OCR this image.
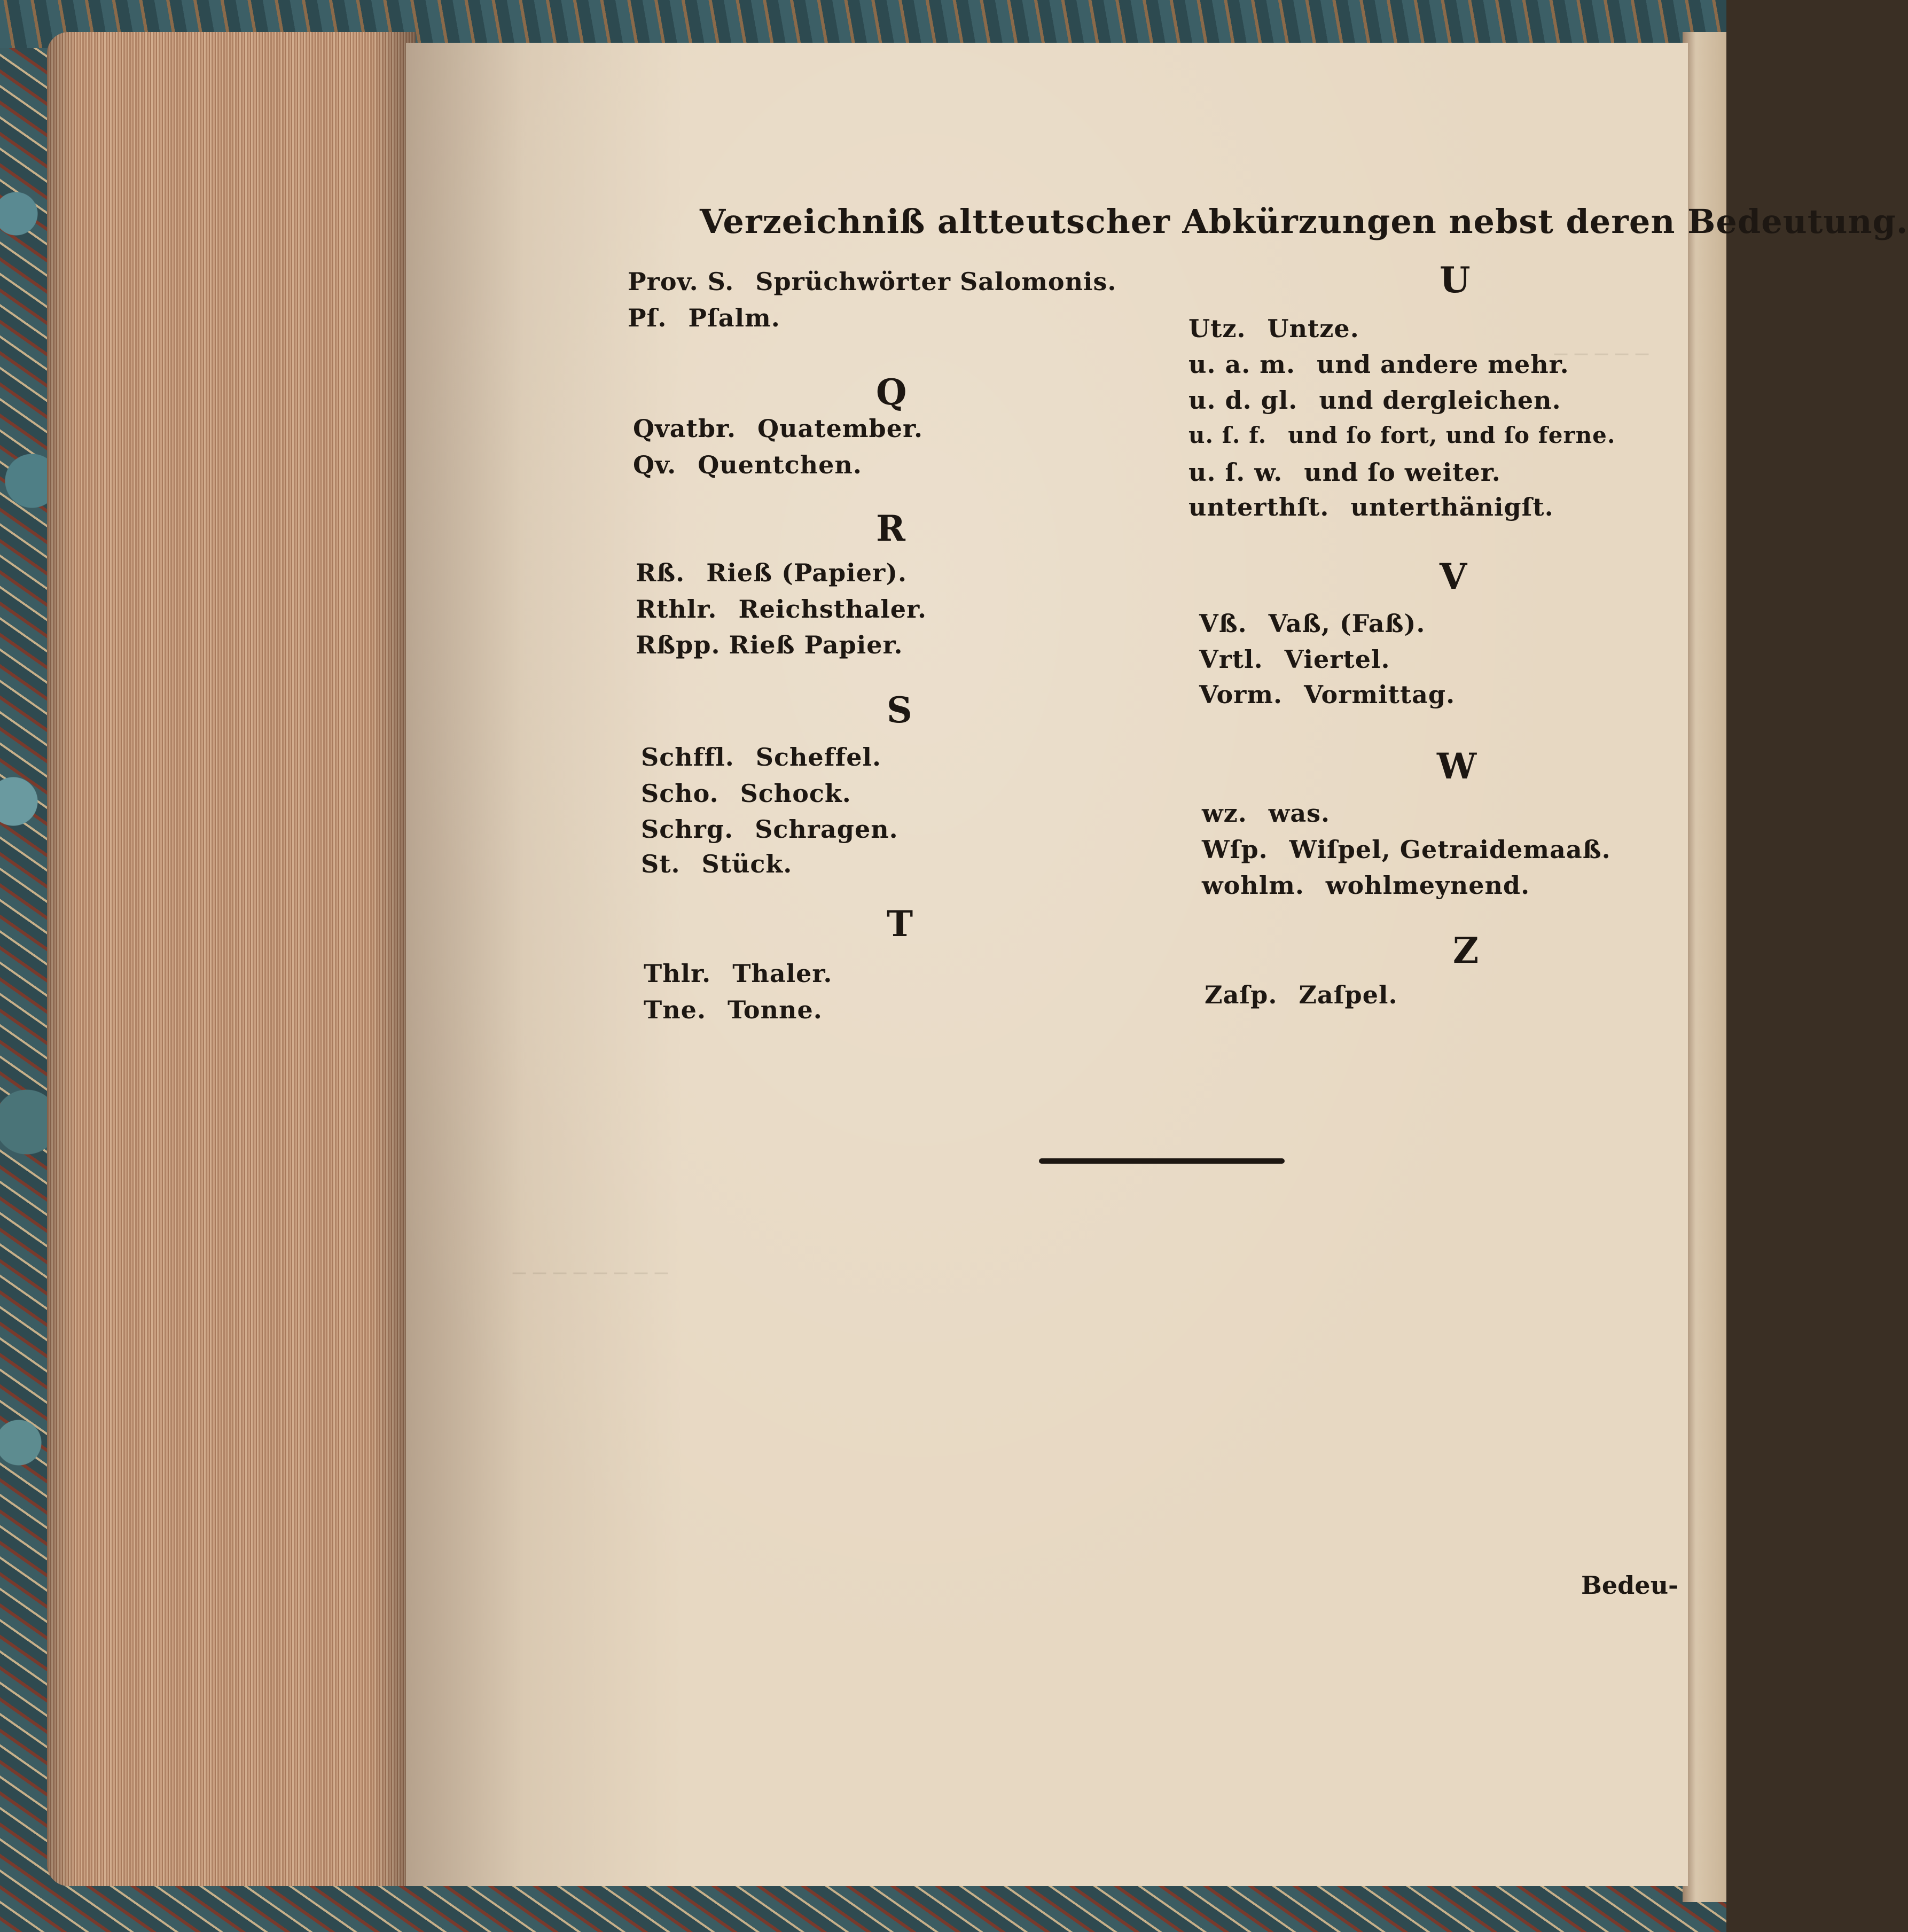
─ ─ ─ ─ ─
─ ─ ─ ─ ─ ─ ─ ─
Verzeichniß altteutscher Abkürzungen nebst deren Bedeutung.
Prov. S. Sprüchwörter Salomonis.
Pſ. Pſalm.
Q
Qvatbr. Quatember.
Qv. Quentchen.
R
Rß. Rieß (Papier).
Rthlr. Reichsthaler.
Rßpp. Rieß Papier.
S
Schffl. Scheffel.
Scho. Schock.
Schrg. Schragen.
St. Stück.
T
Thlr. Thaler.
Tne. Tonne.
U
Utz. Untze.
u. a. m. und andere mehr.
u. d. gl. und dergleichen.
u. ſ. f. und ſo fort, und ſo ferne.
u. ſ. w. und ſo weiter.
unterthſt. unterthänigſt.
V
Vß. Vaß, (Faß).
Vrtl. Viertel.
Vorm. Vormittag.
W
wz. was.
Wſp. Wiſpel, Getraidemaaß.
wohlm. wohlmeynend.
Z
Zaſp. Zaſpel.
Bedeu-
